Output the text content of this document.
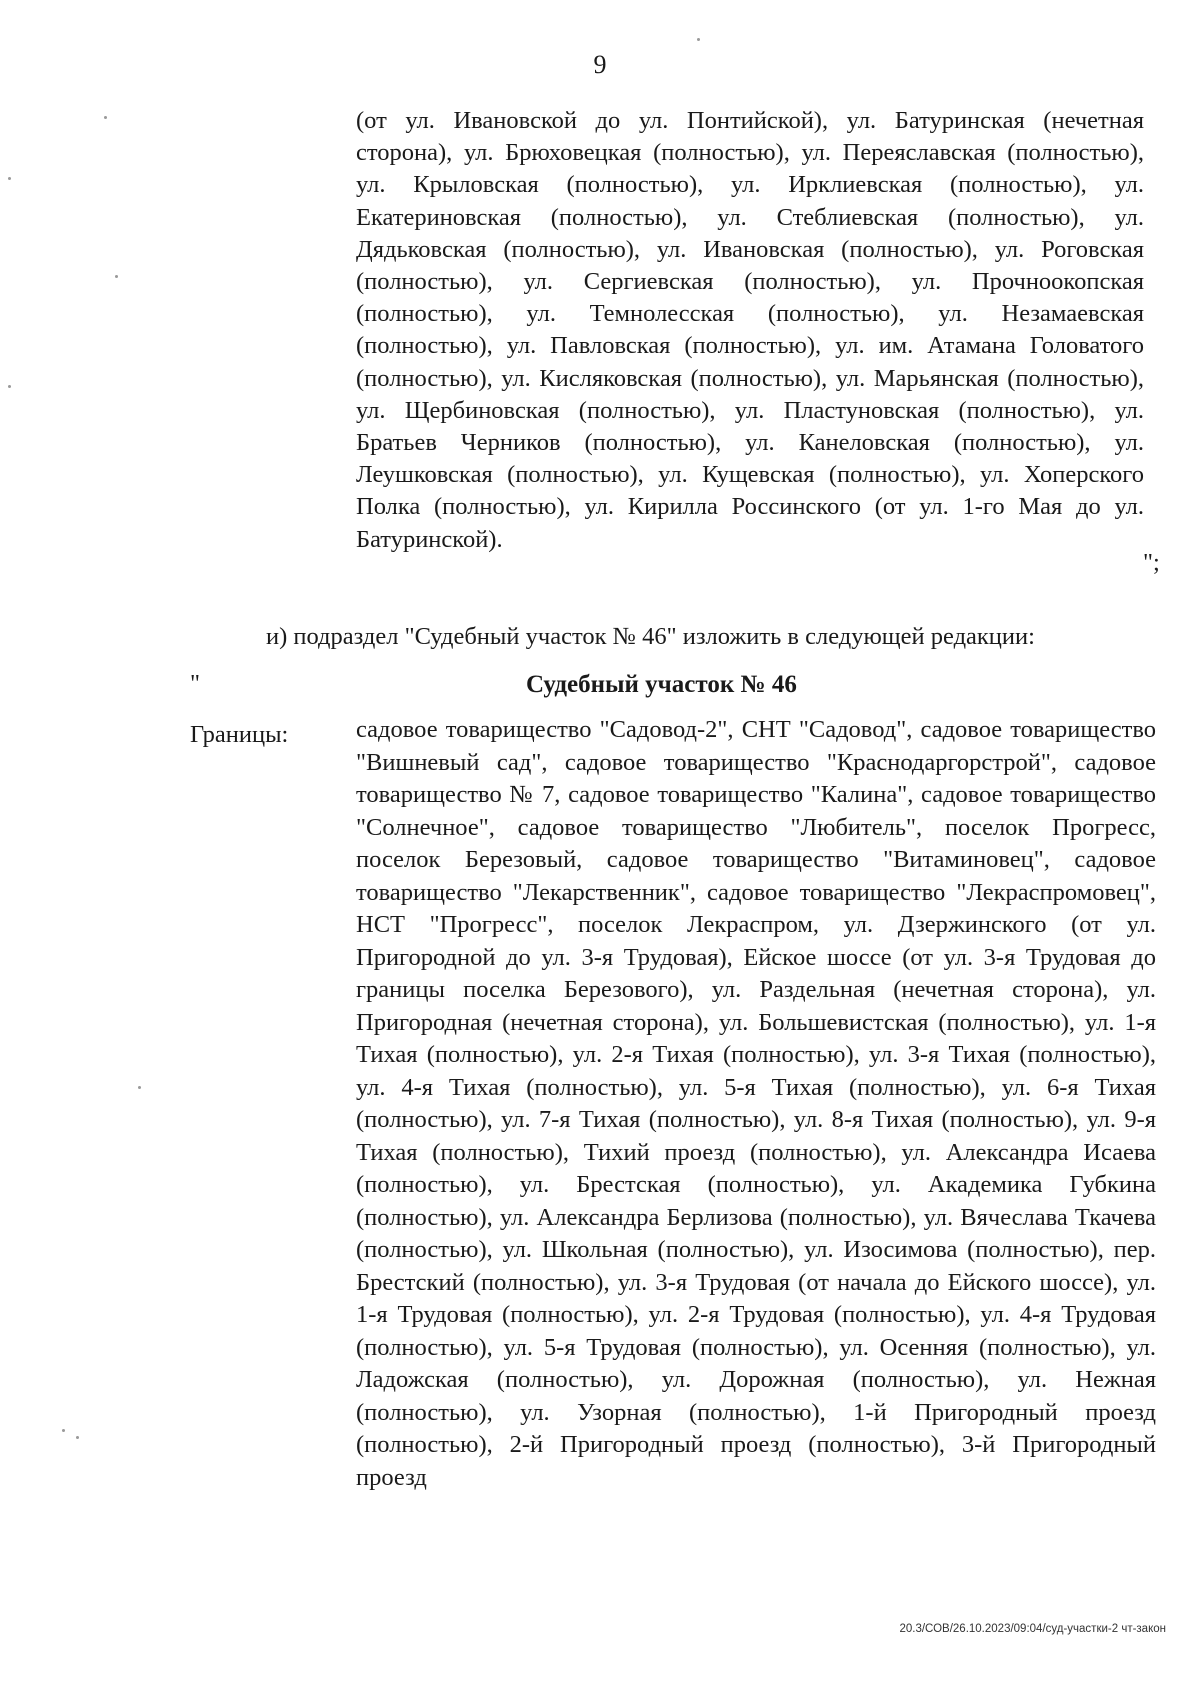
9
(от ул. Ивановской до ул. Понтийской), ул. Батуринская (нечетная сторона), ул. Брюховецкая (полностью), ул. Переяславская (полностью), ул. Крыловская (полностью), ул. Ирклиевская (полностью), ул. Екатериновская (полностью), ул. Стеблиевская (полностью), ул. Дядьковская (полностью), ул. Ивановская (полностью), ул. Роговская (полностью), ул. Сергиевская (полностью), ул. Прочноокопская (полностью), ул. Темнолесская (полностью), ул. Незамаевская (полностью), ул. Павловская (полностью), ул. им. Атамана Головатого (полностью), ул. Кисляковская (полностью), ул. Марьянская (полностью), ул. Щербиновская (полностью), ул. Пластуновская (полностью), ул. Братьев Черников (полностью), ул. Канеловская (полностью), ул. Леушковская (полностью), ул. Кущевская (полностью), ул. Хоперского Полка (полностью), ул. Кирилла Россинского (от ул. 1-го Мая до ул. Батуринской).
";
и) подраздел "Судебный участок № 46" изложить в следующей редакции:
"	Судебный участок № 46
Границы:	садовое товарищество "Садовод-2", СНТ "Садовод", садовое товарищество "Вишневый сад", садовое товарищество "Краснодаргорстрой", садовое товарищество № 7, садовое товарищество "Калина", садовое товарищество "Солнечное", садовое товарищество "Любитель", поселок Прогресс, поселок Березовый, садовое товарищество "Витаминовец", садовое товарищество "Лекарственник", садовое товарищество "Лекраспромовец", НСТ "Прогресс", поселок Лекраспром, ул. Дзержинского (от ул. Пригородной до ул. 3-я Трудовая), Ейское шоссе (от ул. 3-я Трудовая до границы поселка Березового), ул. Раздельная (нечетная сторона), ул. Пригородная (нечетная сторона), ул. Большевистская (полностью), ул. 1-я Тихая (полностью), ул. 2-я Тихая (полностью), ул. 3-я Тихая (полностью), ул. 4-я Тихая (полностью), ул. 5-я Тихая (полностью), ул. 6-я Тихая (полностью), ул. 7-я Тихая (полностью), ул. 8-я Тихая (полностью), ул. 9-я Тихая (полностью), Тихий проезд (полностью), ул. Александра Исаева (полностью), ул. Брестская (полностью), ул. Академика Губкина (полностью), ул. Александра Берлизова (полностью), ул. Вячеслава Ткачева (полностью), ул. Школьная (полностью), ул. Изосимова (полностью), пер. Брестский (полностью), ул. 3-я Трудовая (от начала до Ейского шоссе), ул. 1-я Трудовая (полностью), ул. 2-я Трудовая (полностью), ул. 4-я Трудовая (полностью), ул. 5-я Трудовая (полностью), ул. Осенняя (полностью), ул. Ладожская (полностью), ул. Дорожная (полностью), ул. Нежная (полностью), ул. Узорная (полностью), 1-й Пригородный проезд (полностью), 2-й Пригородный проезд (полностью), 3-й Пригородный проезд
20.3/СОВ/26.10.2023/09:04/суд-участки-2 чт-закон
